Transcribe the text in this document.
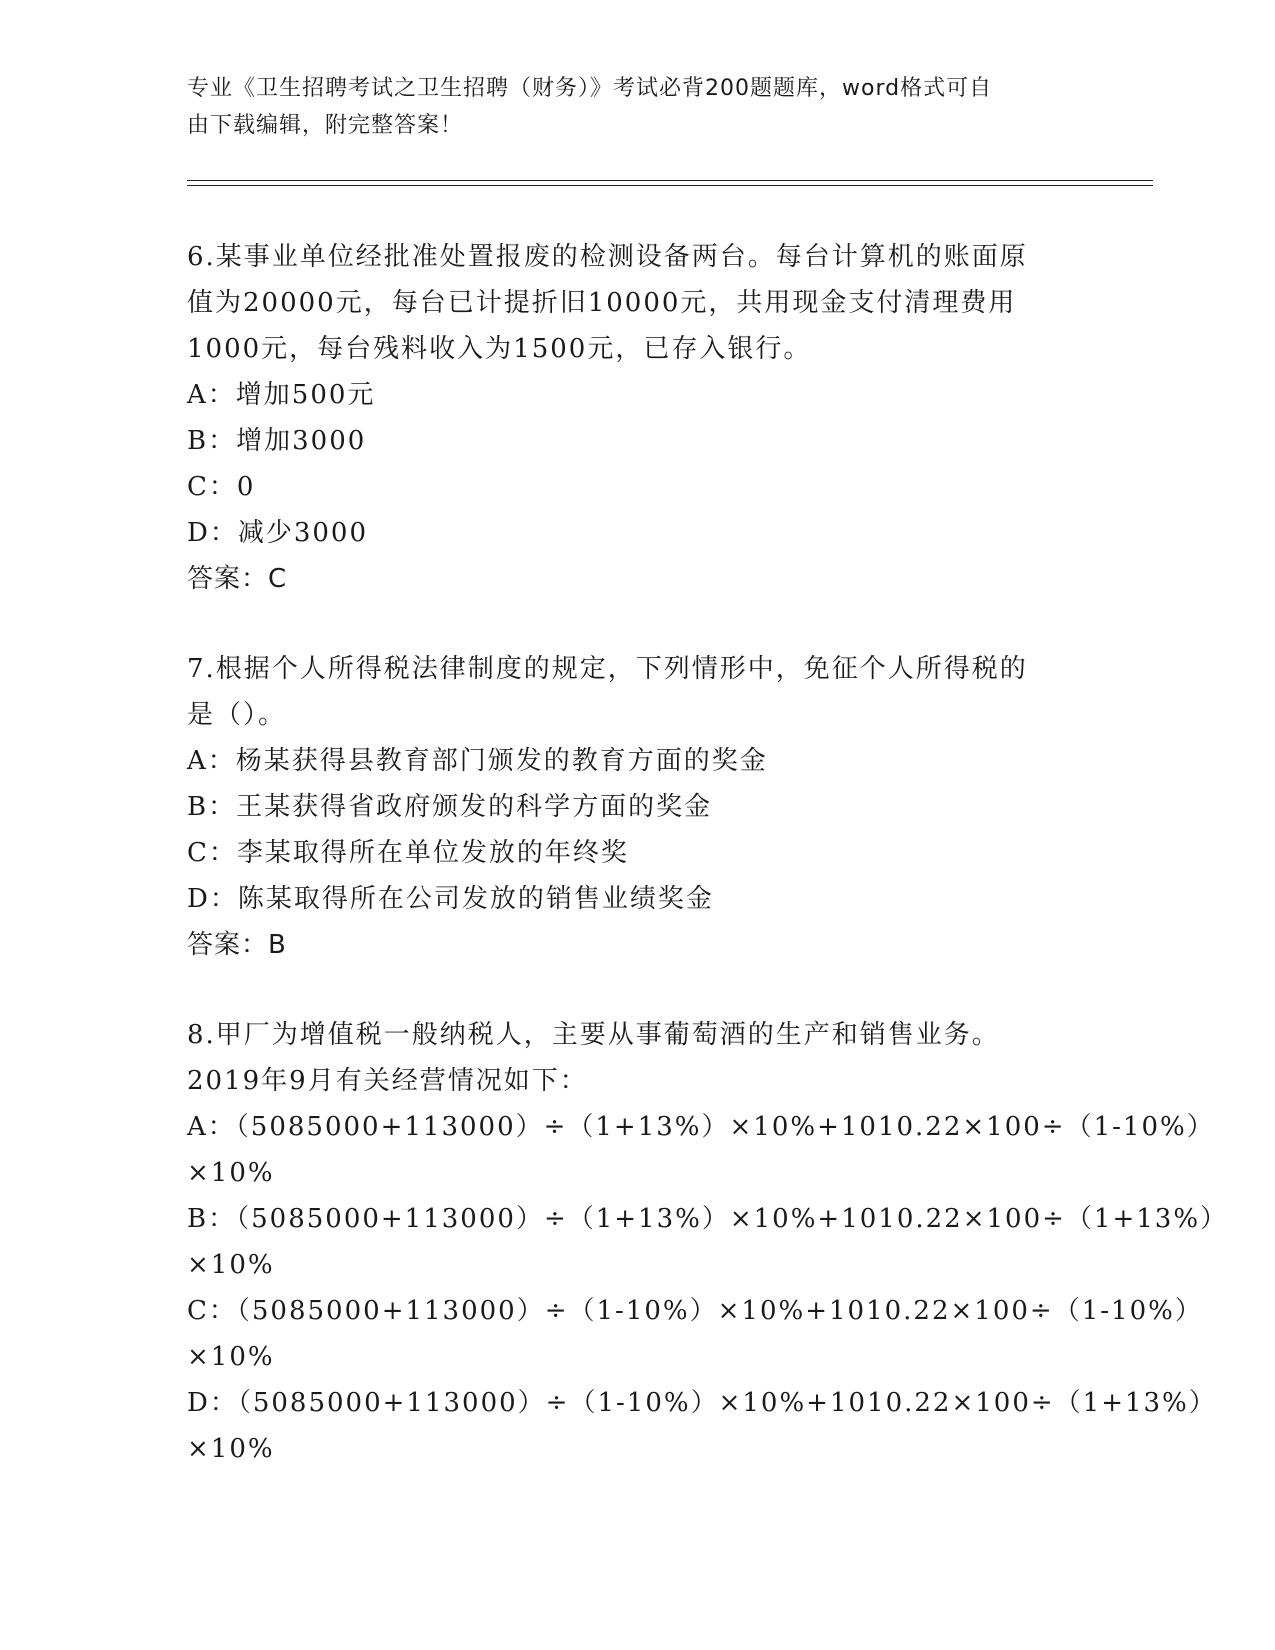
专业《卫生招聘考试之卫生招聘（财务）》考试必背200题题库，word格式可自
由下载编辑，附完整答案！
6.某事业单位经批准处置报废的检测设备两台。每台计算机的账面原
值为20000元，每台已计提折旧10000元，共用现金支付清理费用
1000元，每台残料收入为1500元，已存入银行。
A：增加500元
B：增加3000
C：0
D：减少3000
答案：C
7.根据个人所得税法律制度的规定，下列情形中，免征个人所得税的
是（）。
A：杨某获得县教育部门颁发的教育方面的奖金
B：王某获得省政府颁发的科学方面的奖金
C：李某取得所在单位发放的年终奖
D：陈某取得所在公司发放的销售业绩奖金
答案：B
8.甲厂为增值税一般纳税人，主要从事葡萄酒的生产和销售业务。
2019年9月有关经营情况如下：
A：（5085000+113000）÷（1+13%）×10%+1010.22×100÷（1-10%）
×10%
B：（5085000+113000）÷（1+13%）×10%+1010.22×100÷（1+13%）
×10%
C：（5085000+113000）÷（1-10%）×10%+1010.22×100÷（1-10%）
×10%
D：（5085000+113000）÷（1-10%）×10%+1010.22×100÷（1+13%）
×10%
